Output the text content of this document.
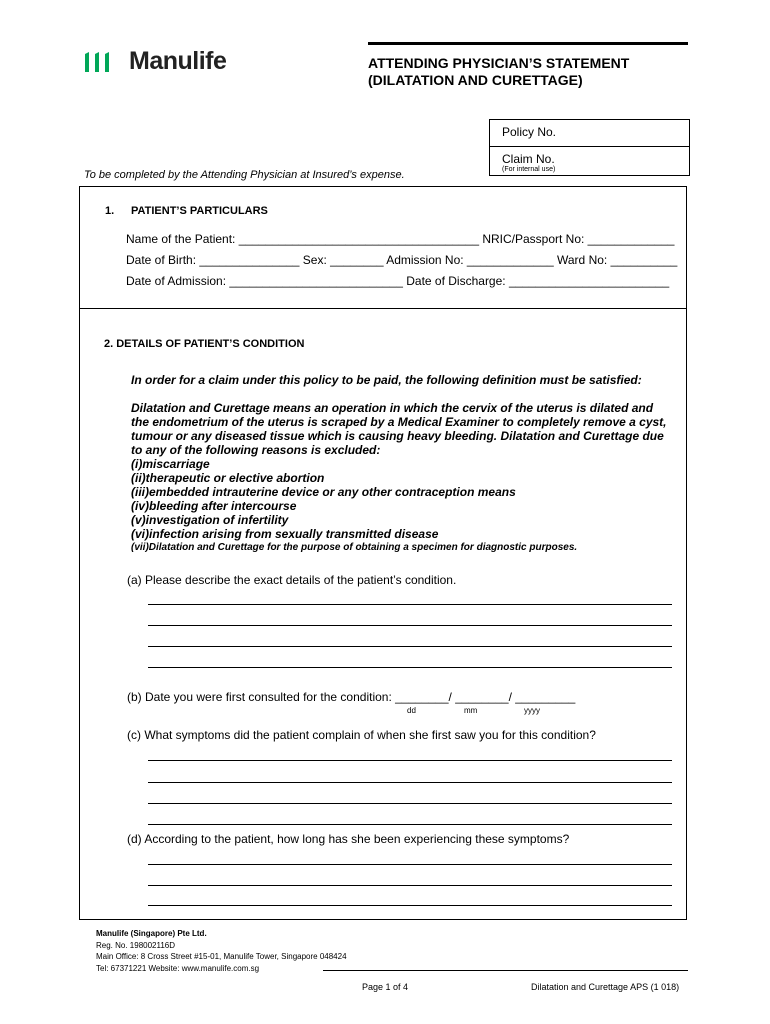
Manulife	ATTENDING PHYSICIAN’S STATEMENT
(DILATATION AND CURETTAGE)
Policy No.
Claim No.
(For internal use)
To be completed by the Attending Physician at Insured’s expense.
1. PATIENT’S PARTICULARS
Name of the Patient: ____________________________________ NRIC/Passport No: _____________
Date of Birth: _______________ Sex: ________ Admission No: _____________ Ward No: __________
Date of Admission: __________________________ Date of Discharge: ________________________
2. DETAILS OF PATIENT’S CONDITION
In order for a claim under this policy to be paid, the following definition must be satisfied:
Dilatation and Curettage means an operation in which the cervix of the uterus is dilated and the endometrium of the uterus is scraped by a Medical Examiner to completely remove a cyst, tumour or any diseased tissue which is causing heavy bleeding. Dilatation and Curettage due to any of the following reasons is excluded:
(i)miscarriage
(ii)therapeutic or elective abortion
(iii)embedded intrauterine device or any other contraception means
(iv)bleeding after intercourse
(v)investigation of infertility
(vi)infection arising from sexually transmitted disease
(vii)Dilatation and Curettage for the purpose of obtaining a specimen for diagnostic purposes.
(a) Please describe the exact details of the patient’s condition.
(b) Date you were first consulted for the condition: ________/ ________/ _________
dd	mm	yyyy
(c) What symptoms did the patient complain of when she first saw you for this condition?
(d) According to the patient, how long has she been experiencing these symptoms?
Manulife (Singapore) Pte Ltd.
Reg. No. 198002116D
Main Office: 8 Cross Street #15-01, Manulife Tower, Singapore 048424
Tel: 67371221 Website: www.manulife.com.sg
Page 1 of 4	Dilatation and Curettage APS (1 018)
